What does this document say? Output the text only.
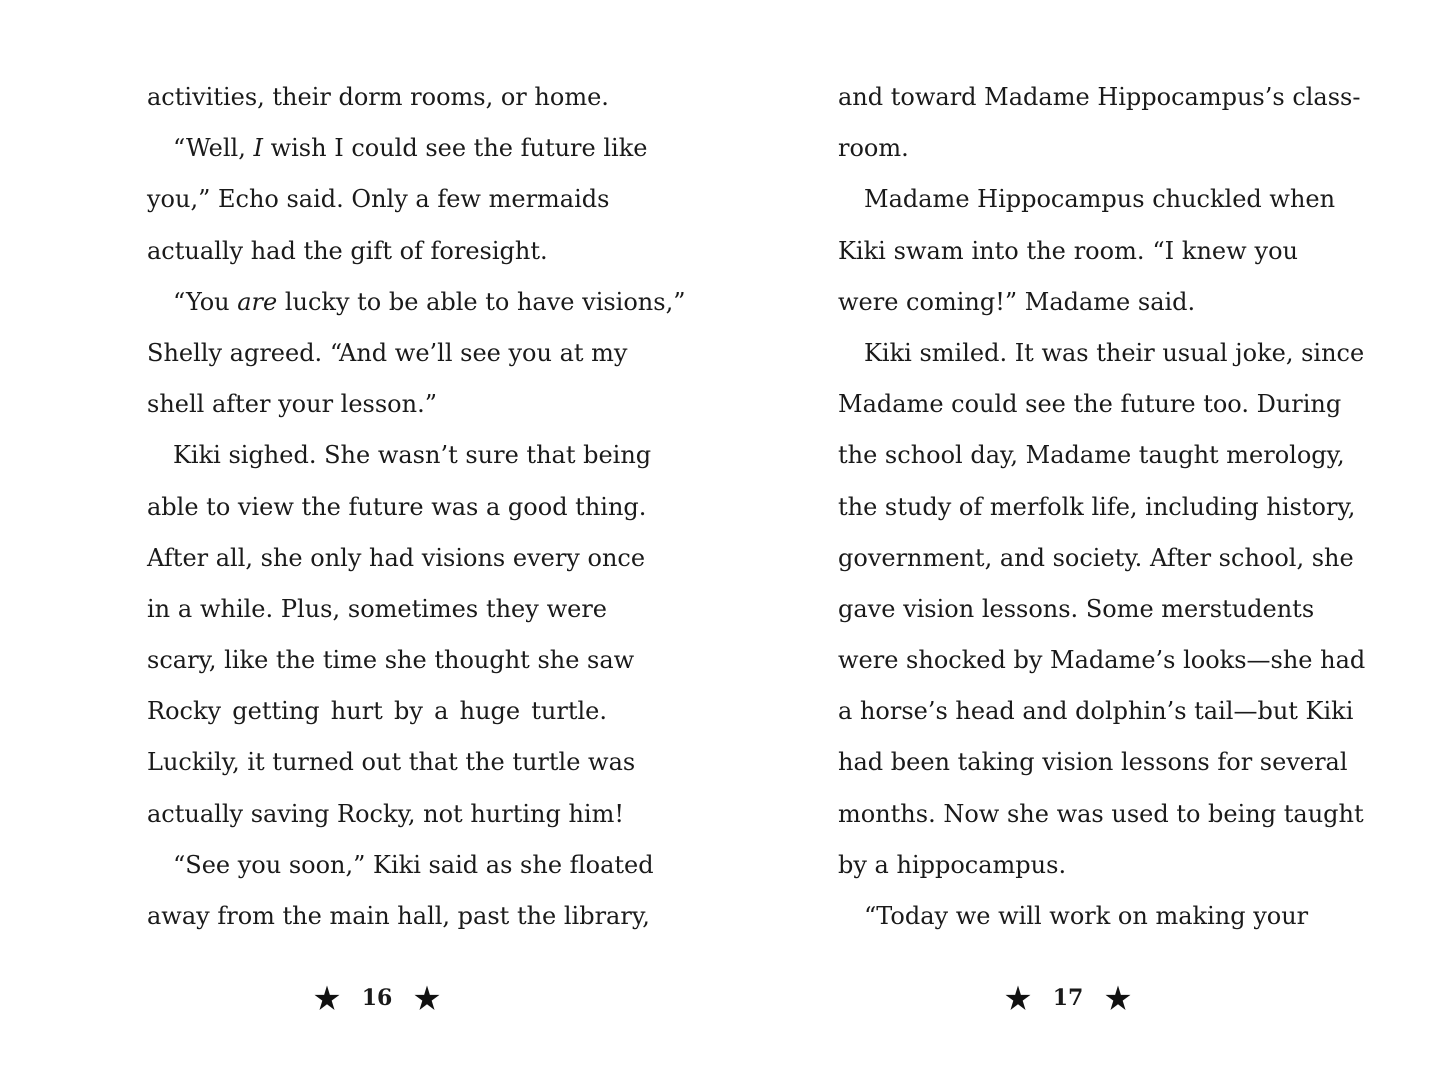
activities, their dorm rooms, or home.
“Well, I wish I could see the future like
you,” Echo said. Only a few mermaids
actually had the gift of foresight.
“You are lucky to be able to have visions,”
Shelly agreed. “And we’ll see you at my
shell after your lesson.”
Kiki sighed. She wasn’t sure that being
able to view the future was a good thing.
After all, she only had visions every once
in a while. Plus, sometimes they were
scary, like the time she thought she saw
Rocky getting hurt by a huge turtle.
Luckily, it turned out that the turtle was
actually saving Rocky, not hurting him!
“See you soon,” Kiki said as she floated
away from the main hall, past the library,
16
and toward Madame Hippocampus’s class-
room.
Madame Hippocampus chuckled when
Kiki swam into the room. “I knew you
were coming!” Madame said.
Kiki smiled. It was their usual joke, since
Madame could see the future too. During
the school day, Madame taught merology,
the study of merfolk life, including history,
government, and society. After school, she
gave vision lessons. Some merstudents
were shocked by Madame’s looks—she had
a horse’s head and dolphin’s tail—but Kiki
had been taking vision lessons for several
months. Now she was used to being taught
by a hippocampus.
“Today we will work on making your
17
